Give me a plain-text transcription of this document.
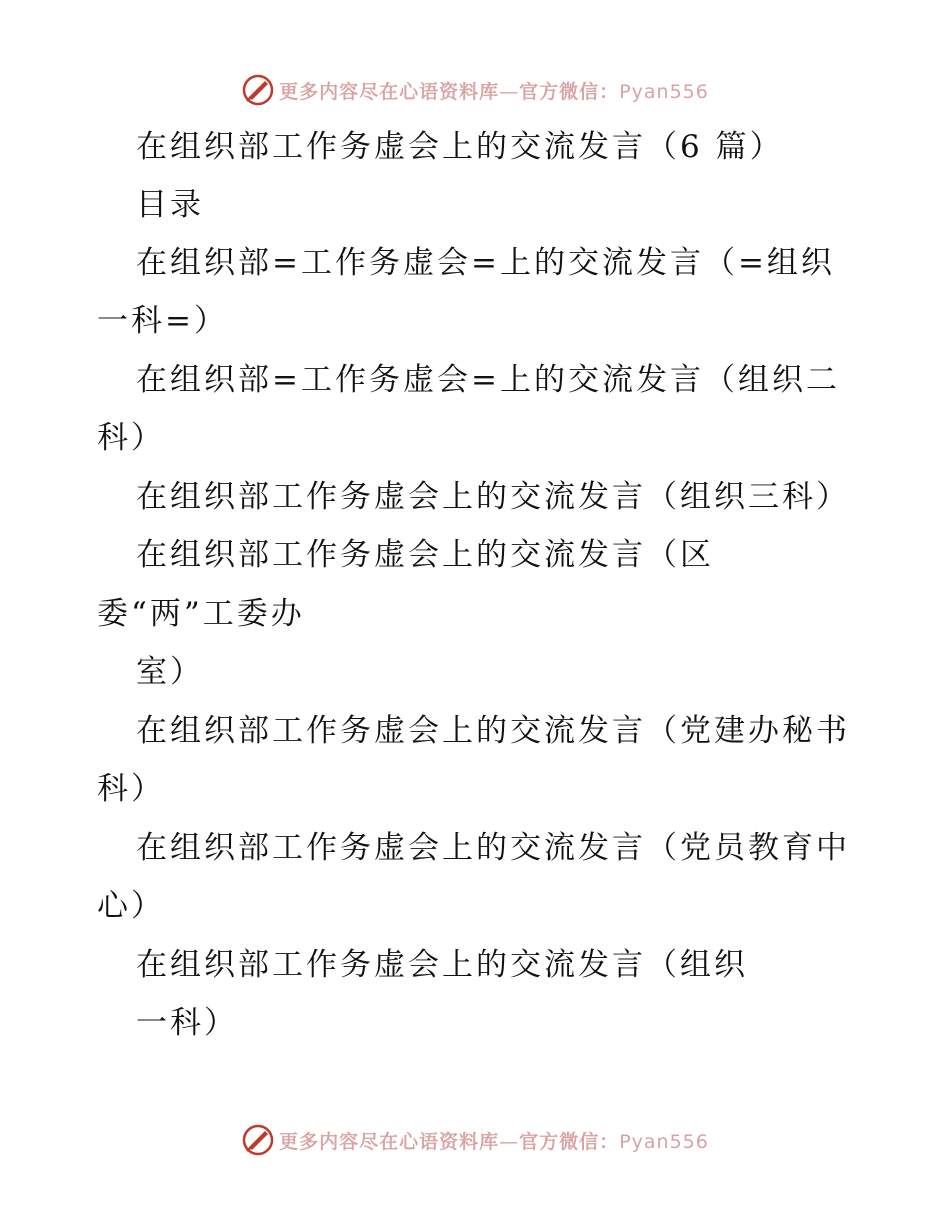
更多内容尽在心语资料库—官方微信：Pyan556
在组织部工作务虚会上的交流发言（6 篇）
目录
在组织部=工作务虚会=上的交流发言（=组织
一科=）
在组织部=工作务虚会=上的交流发言（组织二
科）
在组织部工作务虚会上的交流发言（组织三科）
在组织部工作务虚会上的交流发言（区
委“两”工委办
室）
在组织部工作务虚会上的交流发言（党建办秘书
科）
在组织部工作务虚会上的交流发言（党员教育中
心）
在组织部工作务虚会上的交流发言（组织
一科）
更多内容尽在心语资料库—官方微信：Pyan556
